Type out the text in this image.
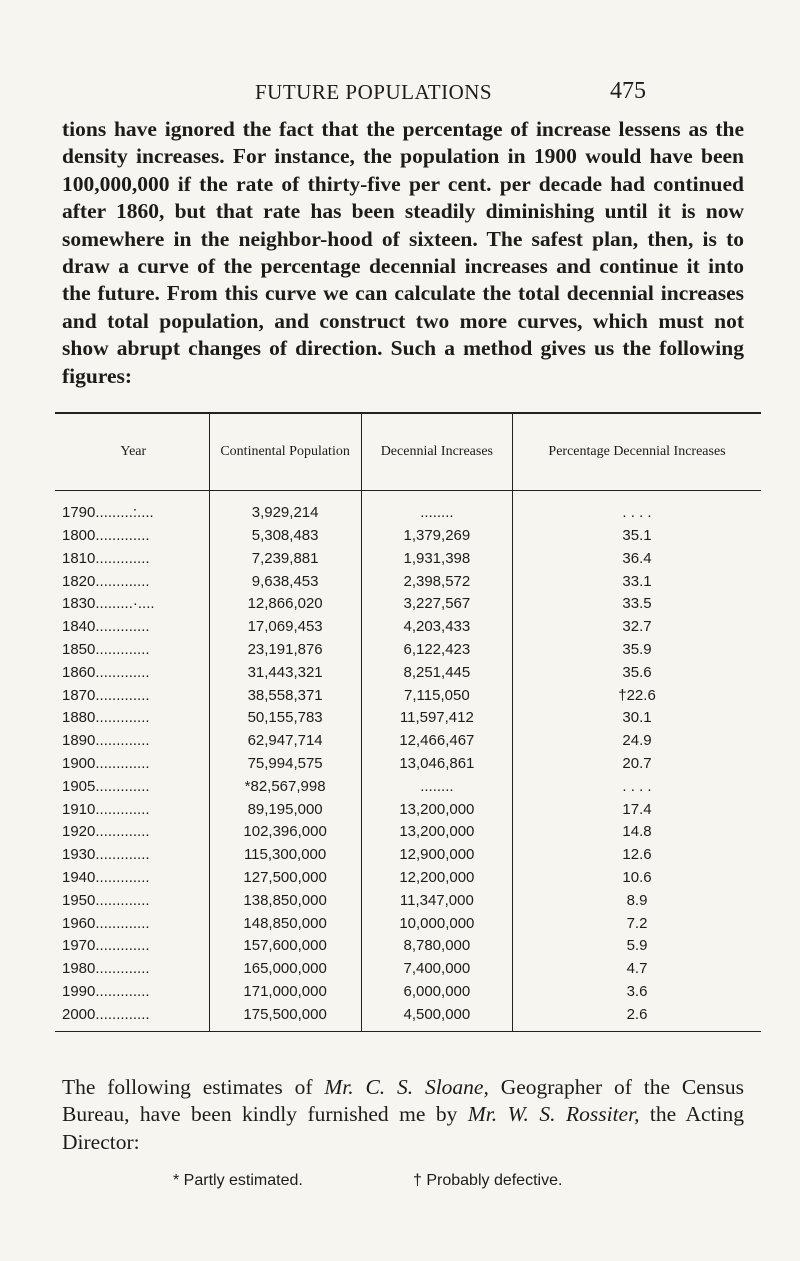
FUTURE POPULATIONS	475

tions have ignored the fact that the percentage of increase lessens as the density increases. For instance, the population in 1900 would have been 100,000,000 if the rate of thirty-five per cent. per decade had continued after 1860, but that rate has been steadily diminishing until it is now somewhere in the neighbor-hood of sixteen. The safest plan, then, is to draw a curve of the percentage decennial increases and continue it into the future. From this curve we can calculate the total decennial increases and total population, and construct two more curves, which must not show abrupt changes of direction. Such a method gives us the following figures:

Year	Continental Population	Decennial Increases	Percentage Decennial Increases
1790.........:....	3,929,214	........	. . . .
1800.............	5,308,483	1,379,269	35.1
1810.............	7,239,881	1,931,398	36.4
1820.............	9,638,453	2,398,572	33.1
1830.........·....	12,866,020	3,227,567	33.5
1840.............	17,069,453	4,203,433	32.7
1850.............	23,191,876	6,122,423	35.9
1860.............	31,443,321	8,251,445	35.6
1870.............	38,558,371	7,115,050	†22.6
1880.............	50,155,783	11,597,412	30.1
1890.............	62,947,714	12,466,467	24.9
1900.............	75,994,575	13,046,861	20.7
1905.............	*82,567,998	........	. . . .
1910.............	89,195,000	13,200,000	17.4
1920.............	102,396,000	13,200,000	14.8
1930.............	115,300,000	12,900,000	12.6
1940.............	127,500,000	12,200,000	10.6
1950.............	138,850,000	11,347,000	8.9
1960.............	148,850,000	10,000,000	7.2
1970.............	157,600,000	8,780,000	5.9
1980.............	165,000,000	7,400,000	4.7
1990.............	171,000,000	6,000,000	3.6
2000.............	175,500,000	4,500,000	2.6

The following estimates of Mr. C. S. Sloane, Geographer of the Census Bureau, have been kindly furnished me by Mr. W. S. Rossiter, the Acting Director:

* Partly estimated.	† Probably defective.
